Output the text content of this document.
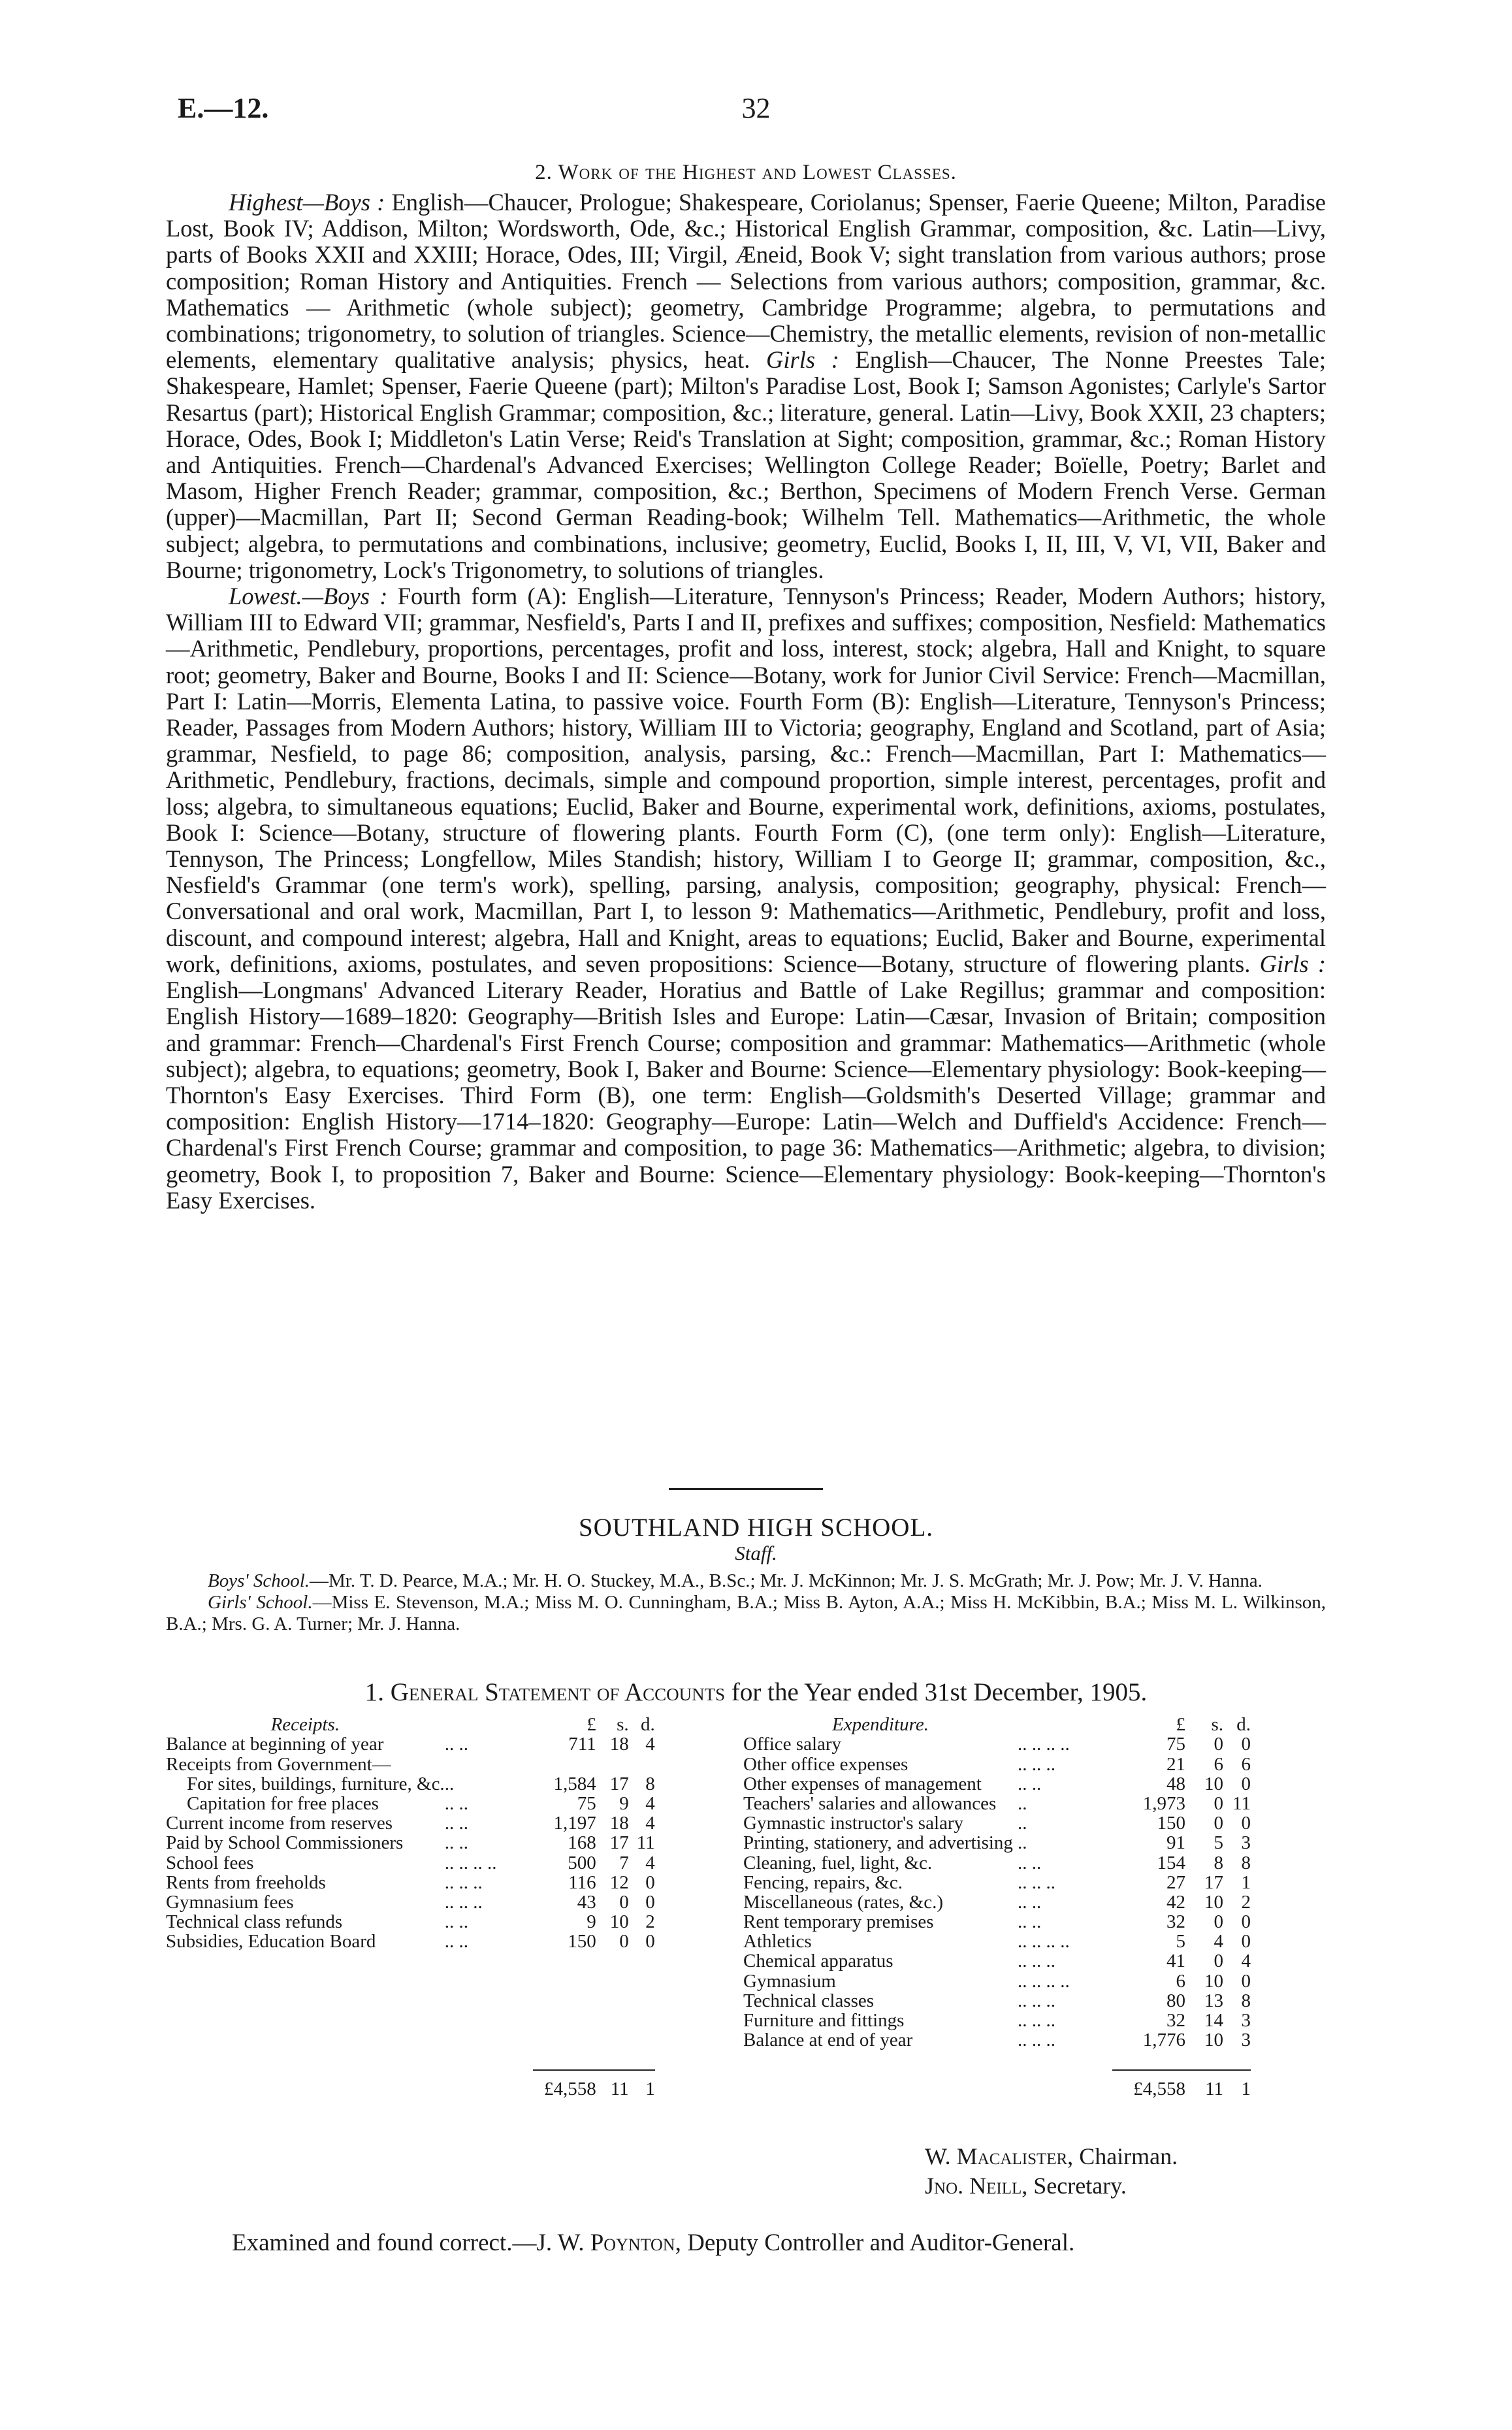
E.—12.	32
2. Work of the Highest and Lowest Classes.

Highest—Boys : English—Chaucer, Prologue; Shakespeare, Coriolanus; Spenser, Faerie Queene; Milton, Paradise Lost, Book IV; Addison, Milton; Wordsworth, Ode, &c.; Historical English Grammar, composition, &c. Latin—Livy, parts of Books XXII and XXIII; Horace, Odes, III; Virgil, Æneid, Book V; sight translation from various authors; prose composition; Roman History and Antiquities. French — Selections from various authors; composition, grammar, &c. Mathematics — Arithmetic (whole subject); geometry, Cambridge Programme; algebra, to permutations and combinations; trigonometry, to solution of triangles. Science—Chemistry, the metallic elements, revision of non-metallic elements, elementary qualitative analysis; physics, heat. Girls : English—Chaucer, The Nonne Preestes Tale; Shakespeare, Hamlet; Spenser, Faerie Queene (part); Milton's Paradise Lost, Book I; Samson Agonistes; Carlyle's Sartor Resartus (part); Historical English Grammar; composition, &c.; literature, general. Latin—Livy, Book XXII, 23 chapters; Horace, Odes, Book I; Middleton's Latin Verse; Reid's Translation at Sight; composition, grammar, &c.; Roman History and Antiquities. French—Chardenal's Advanced Exercises; Wellington College Reader; Boïelle, Poetry; Barlet and Masom, Higher French Reader; grammar, composition, &c.; Berthon, Specimens of Modern French Verse. German (upper)—Macmillan, Part II; Second German Reading-book; Wilhelm Tell. Mathematics—Arithmetic, the whole subject; algebra, to permutations and combinations, inclusive; geometry, Euclid, Books I, II, III, V, VI, VII, Baker and Bourne; trigonometry, Lock's Trigonometry, to solutions of triangles.

Lowest.—Boys : Fourth form (A): English—Literature, Tennyson's Princess; Reader, Modern Authors; history, William III to Edward VII; grammar, Nesfield's, Parts I and II, prefixes and suffixes; composition, Nesfield: Mathematics—Arithmetic, Pendlebury, proportions, percentages, profit and loss, interest, stock; algebra, Hall and Knight, to square root; geometry, Baker and Bourne, Books I and II: Science—Botany, work for Junior Civil Service: French—Macmillan, Part I: Latin—Morris, Elementa Latina, to passive voice. Fourth Form (B): English—Literature, Tennyson's Princess; Reader, Passages from Modern Authors; history, William III to Victoria; geography, England and Scotland, part of Asia; grammar, Nesfield, to page 86; composition, analysis, parsing, &c.: French—Macmillan, Part I: Mathematics—Arithmetic, Pendlebury, fractions, decimals, simple and compound proportion, simple interest, percentages, profit and loss; algebra, to simultaneous equations; Euclid, Baker and Bourne, experimental work, definitions, axioms, postulates, Book I: Science—Botany, structure of flowering plants. Fourth Form (C), (one term only): English—Literature, Tennyson, The Princess; Longfellow, Miles Standish; history, William I to George II; grammar, composition, &c., Nesfield's Grammar (one term's work), spelling, parsing, analysis, composition; geography, physical: French—Conversational and oral work, Macmillan, Part I, to lesson 9: Mathematics—Arithmetic, Pendlebury, profit and loss, discount, and compound interest; algebra, Hall and Knight, areas to equations; Euclid, Baker and Bourne, experimental work, definitions, axioms, postulates, and seven propositions: Science—Botany, structure of flowering plants. Girls : English—Longmans' Advanced Literary Reader, Horatius and Battle of Lake Regillus; grammar and composition: English History—1689–1820: Geography—British Isles and Europe: Latin—Cæsar, Invasion of Britain; composition and grammar: French—Chardenal's First French Course; composition and grammar: Mathematics—Arithmetic (whole subject); algebra, to equations; geometry, Book I, Baker and Bourne: Science—Elementary physiology: Book-keeping—Thornton's Easy Exercises. Third Form (B), one term: English—Goldsmith's Deserted Village; grammar and composition: English History—1714–1820: Geography—Europe: Latin—Welch and Duffield's Accidence: French—Chardenal's First French Course; grammar and composition, to page 36: Mathematics—Arithmetic; algebra, to division; geometry, Book I, to proposition 7, Baker and Bourne: Science—Elementary physiology: Book-keeping—Thornton's Easy Exercises.

SOUTHLAND HIGH SCHOOL.
Staff.

Boys' School.—Mr. T. D. Pearce, M.A.; Mr. H. O. Stuckey, M.A., B.Sc.; Mr. J. McKinnon; Mr. J. S. McGrath; Mr. J. Pow; Mr. J. V. Hanna.

Girls' School.—Miss E. Stevenson, M.A.; Miss M. O. Cunningham, B.A.; Miss B. Ayton, A.A.; Miss H. McKibbin, B.A.; Miss M. L. Wilkinson, B.A.; Mrs. G. A. Turner; Mr. J. Hanna.

1. General Statement of Accounts for the Year ended 31st December, 1905.
Receipts.		£	s.	d.
Balance at beginning of year	.. ..	711	18	4
Receipts from Government—				
For sites, buildings, furniture, &c.	..	1,584	17	8
Capitation for free places	.. ..	75	9	4
Current income from reserves	.. ..	1,197	18	4
Paid by School Commissioners	.. ..	168	17	11
School fees	.. .. .. ..	500	7	4
Rents from freeholds	.. .. ..	116	12	0
Gymnasium fees	.. .. ..	43	0	0
Technical class refunds	.. ..	9	10	2
Subsidies, Education Board	.. ..	150	0	0

		£4,558	11	1
Expenditure.		£	s.	d.
Office salary	.. .. .. ..	75	0	0
Other office expenses	.. .. ..	21	6	6
Other expenses of management	.. ..	48	10	0
Teachers' salaries and allowances	..	1,973	0	11
Gymnastic instructor's salary	..	150	0	0
Printing, stationery, and advertising	..	91	5	3
Cleaning, fuel, light, &c.	.. ..	154	8	8
Fencing, repairs, &c.	.. .. ..	27	17	1
Miscellaneous (rates, &c.)	.. ..	42	10	2
Rent temporary premises	.. ..	32	0	0
Athletics	.. .. .. ..	5	4	0
Chemical apparatus	.. .. ..	41	0	4
Gymnasium	.. .. .. ..	6	10	0
Technical classes	.. .. ..	80	13	8
Furniture and fittings	.. .. ..	32	14	3
Balance at end of year	.. .. ..	1,776	10	3

		£4,558	11	1
W. Macalister, Chairman.
Jno. Neill, Secretary.
Examined and found correct.—J. W. Poynton, Deputy Controller and Auditor-General.
